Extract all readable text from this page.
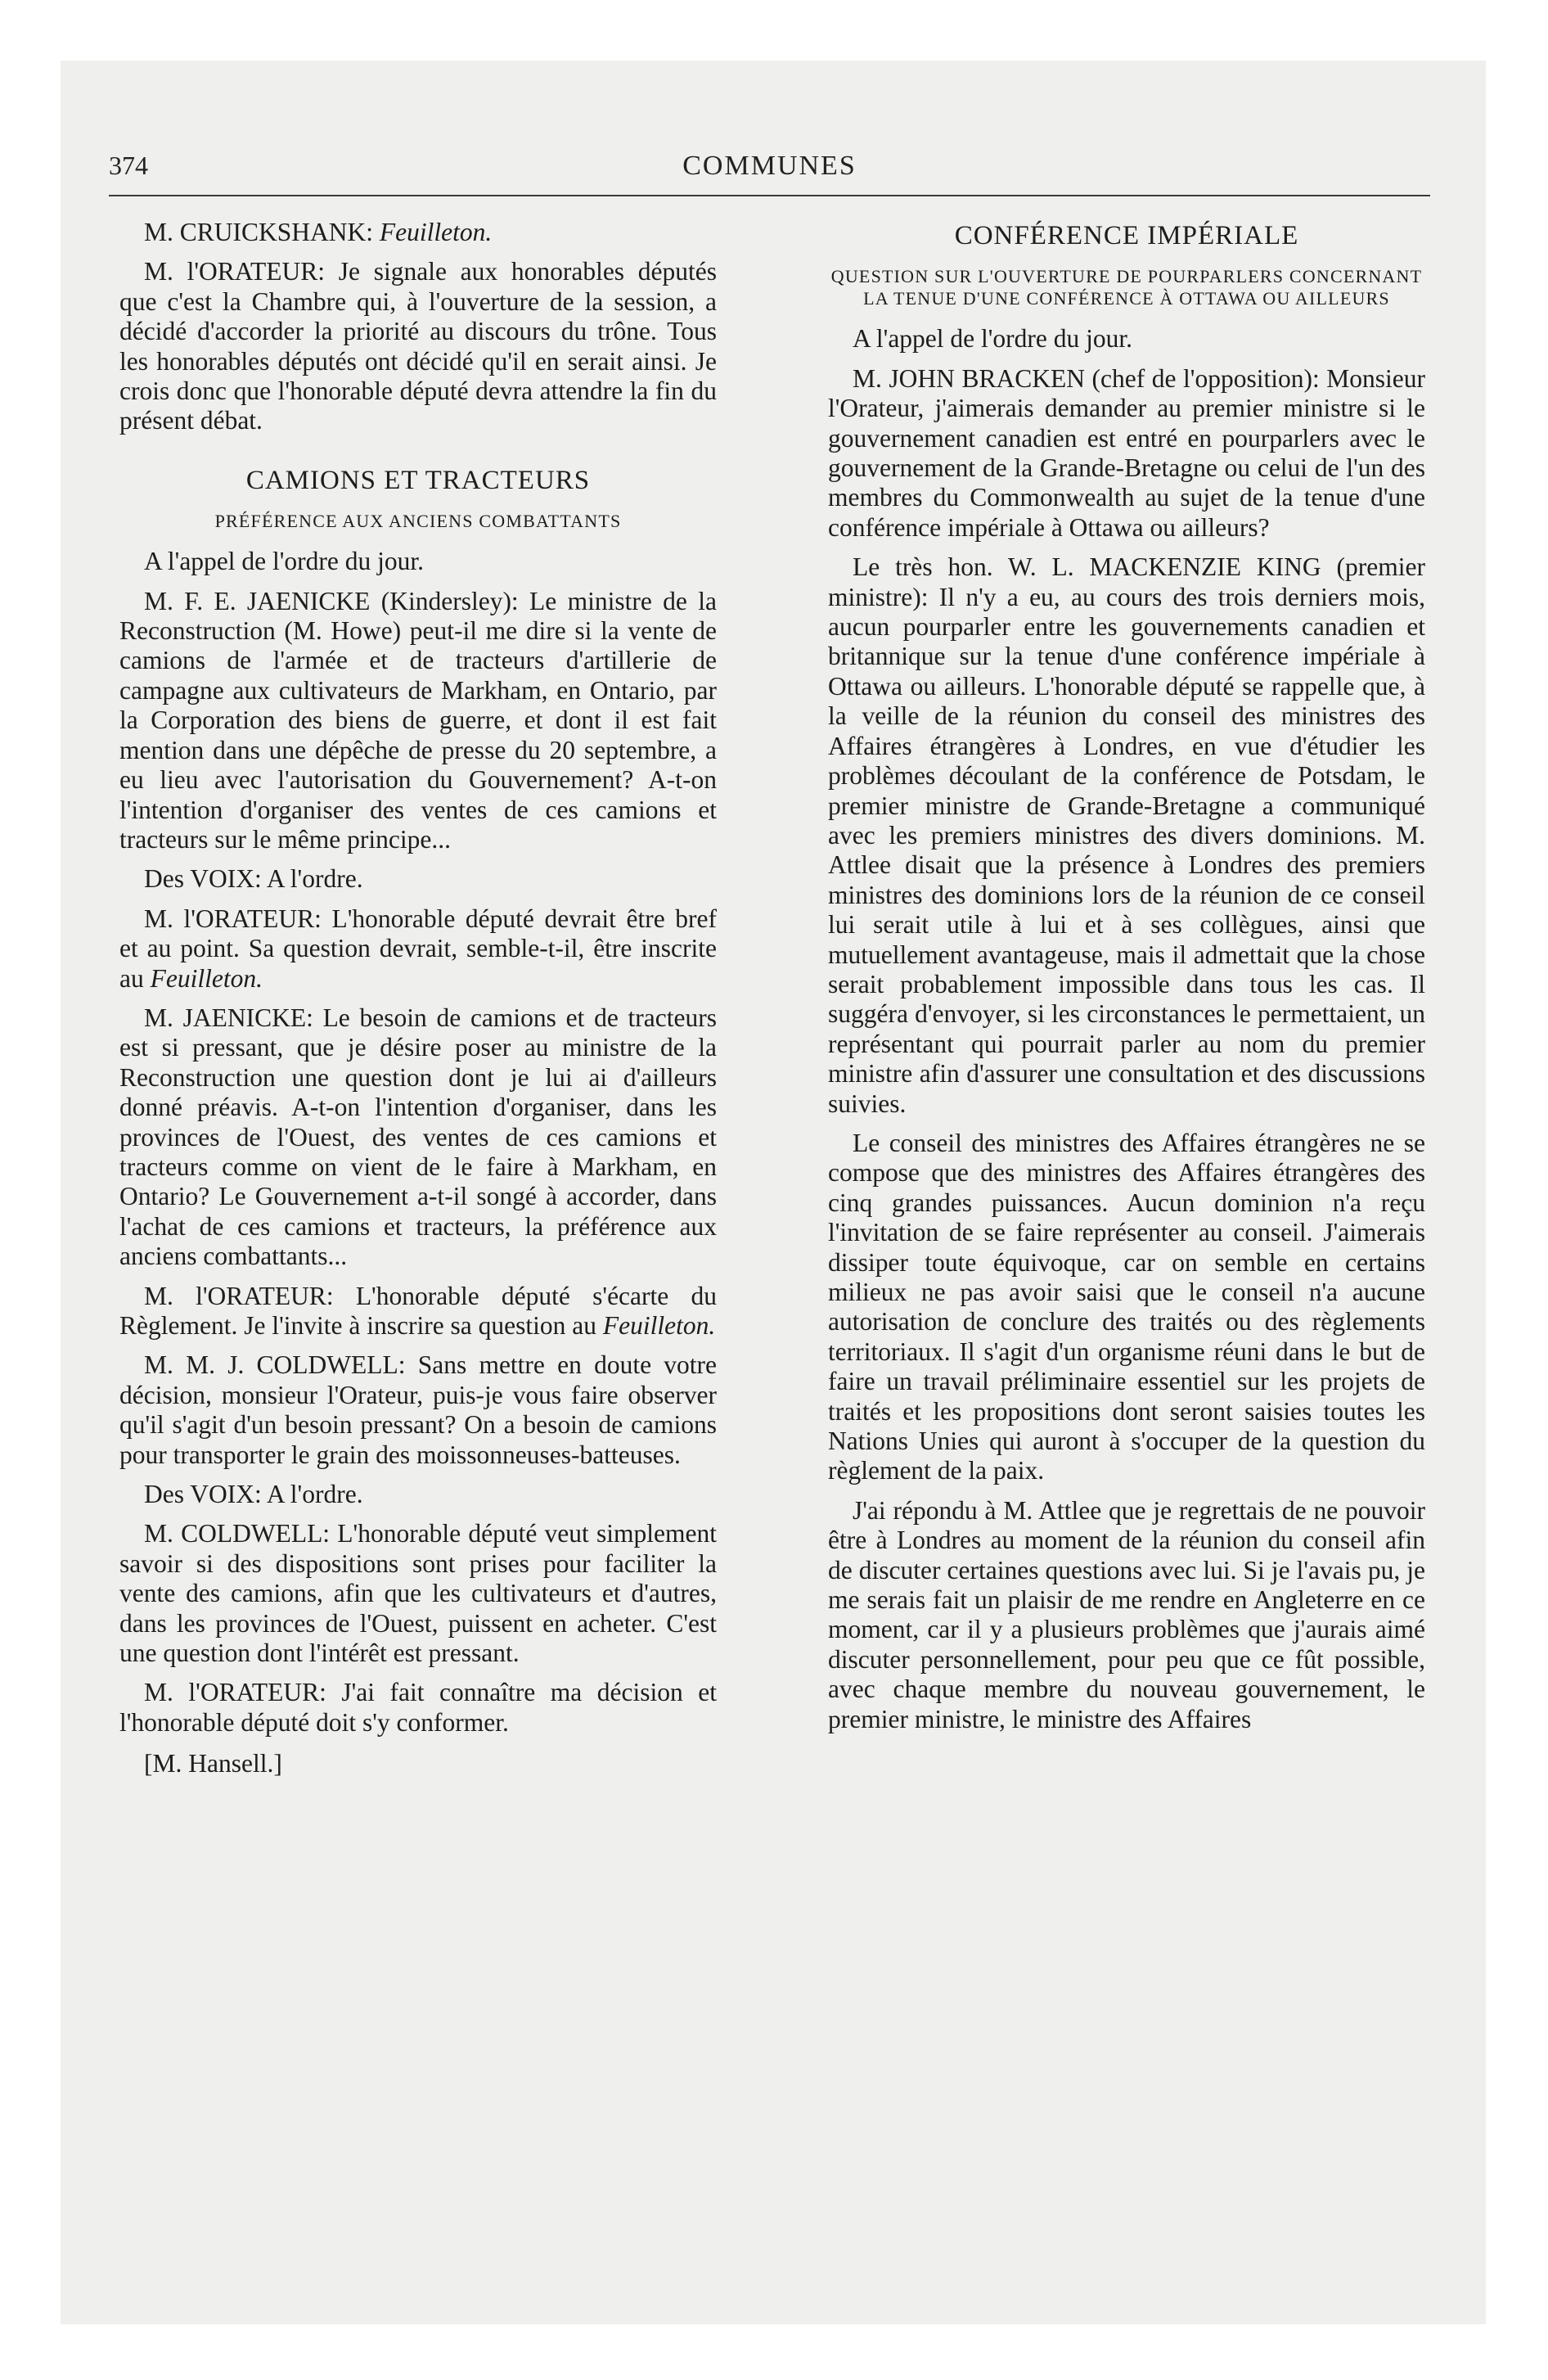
374	COMMUNES

M. CRUICKSHANK: Feuilleton.

M. l'ORATEUR: Je signale aux honorables députés que c'est la Chambre qui, à l'ouverture de la session, a décidé d'accorder la priorité au discours du trône. Tous les honorables députés ont décidé qu'il en serait ainsi. Je crois donc que l'honorable député devra attendre la fin du présent débat.

CAMIONS ET TRACTEURS
PRÉFÉRENCE AUX ANCIENS COMBATTANTS

A l'appel de l'ordre du jour.

M. F. E. JAENICKE (Kindersley): Le ministre de la Reconstruction (M. Howe) peut-il me dire si la vente de camions de l'armée et de tracteurs d'artillerie de campagne aux cultivateurs de Markham, en Ontario, par la Corporation des biens de guerre, et dont il est fait mention dans une dépêche de presse du 20 septembre, a eu lieu avec l'autorisation du Gouvernement? A-t-on l'intention d'organiser des ventes de ces camions et tracteurs sur le même principe...

Des VOIX: A l'ordre.

M. l'ORATEUR: L'honorable député devrait être bref et au point. Sa question devrait, semble-t-il, être inscrite au Feuilleton.

M. JAENICKE: Le besoin de camions et de tracteurs est si pressant, que je désire poser au ministre de la Reconstruction une question dont je lui ai d'ailleurs donné préavis. A-t-on l'intention d'organiser, dans les provinces de l'Ouest, des ventes de ces camions et tracteurs comme on vient de le faire à Markham, en Ontario? Le Gouvernement a-t-il songé à accorder, dans l'achat de ces camions et tracteurs, la préférence aux anciens combattants...

M. l'ORATEUR: L'honorable député s'écarte du Règlement. Je l'invite à inscrire sa question au Feuilleton.

M. M. J. COLDWELL: Sans mettre en doute votre décision, monsieur l'Orateur, puis-je vous faire observer qu'il s'agit d'un besoin pressant? On a besoin de camions pour transporter le grain des moissonneuses-batteuses.

Des VOIX: A l'ordre.

M. COLDWELL: L'honorable député veut simplement savoir si des dispositions sont prises pour faciliter la vente des camions, afin que les cultivateurs et d'autres, dans les provinces de l'Ouest, puissent en acheter. C'est une question dont l'intérêt est pressant.

M. l'ORATEUR: J'ai fait connaître ma décision et l'honorable député doit s'y conformer.

[M. Hansell.]

CONFÉRENCE IMPÉRIALE
QUESTION SUR L'OUVERTURE DE POURPARLERS CONCERNANT LA TENUE D'UNE CONFÉRENCE À OTTAWA OU AILLEURS

A l'appel de l'ordre du jour.

M. JOHN BRACKEN (chef de l'opposition): Monsieur l'Orateur, j'aimerais demander au premier ministre si le gouvernement canadien est entré en pourparlers avec le gouvernement de la Grande-Bretagne ou celui de l'un des membres du Commonwealth au sujet de la tenue d'une conférence impériale à Ottawa ou ailleurs?

Le très hon. W. L. MACKENZIE KING (premier ministre): Il n'y a eu, au cours des trois derniers mois, aucun pourparler entre les gouvernements canadien et britannique sur la tenue d'une conférence impériale à Ottawa ou ailleurs. L'honorable député se rappelle que, à la veille de la réunion du conseil des ministres des Affaires étrangères à Londres, en vue d'étudier les problèmes découlant de la conférence de Potsdam, le premier ministre de Grande-Bretagne a communiqué avec les premiers ministres des divers dominions. M. Attlee disait que la présence à Londres des premiers ministres des dominions lors de la réunion de ce conseil lui serait utile à lui et à ses collègues, ainsi que mutuellement avantageuse, mais il admettait que la chose serait probablement impossible dans tous les cas. Il suggéra d'envoyer, si les circonstances le permettaient, un représentant qui pourrait parler au nom du premier ministre afin d'assurer une consultation et des discussions suivies.

Le conseil des ministres des Affaires étrangères ne se compose que des ministres des Affaires étrangères des cinq grandes puissances. Aucun dominion n'a reçu l'invitation de se faire représenter au conseil. J'aimerais dissiper toute équivoque, car on semble en certains milieux ne pas avoir saisi que le conseil n'a aucune autorisation de conclure des traités ou des règlements territoriaux. Il s'agit d'un organisme réuni dans le but de faire un travail préliminaire essentiel sur les projets de traités et les propositions dont seront saisies toutes les Nations Unies qui auront à s'occuper de la question du règlement de la paix.

J'ai répondu à M. Attlee que je regrettais de ne pouvoir être à Londres au moment de la réunion du conseil afin de discuter certaines questions avec lui. Si je l'avais pu, je me serais fait un plaisir de me rendre en Angleterre en ce moment, car il y a plusieurs problèmes que j'aurais aimé discuter personnellement, pour peu que ce fût possible, avec chaque membre du nouveau gouvernement, le premier ministre, le ministre des Affaires
